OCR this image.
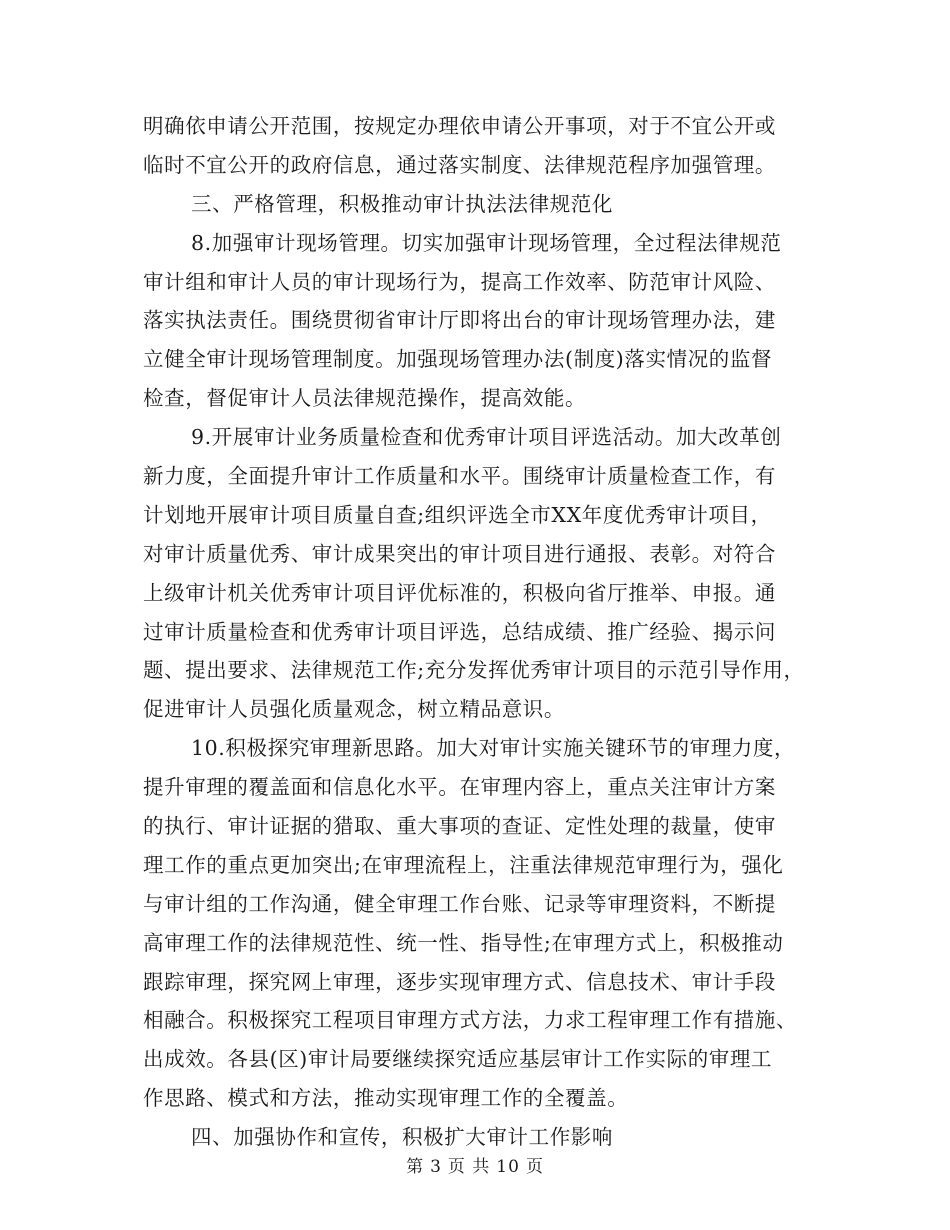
明确依申请公开范围，按规定办理依申请公开事项，对于不宜公开或
临时不宜公开的政府信息，通过落实制度、法律规范程序加强管理。
三、严格管理，积极推动审计执法法律规范化
8.加强审计现场管理。切实加强审计现场管理，全过程法律规范
审计组和审计人员的审计现场行为，提高工作效率、防范审计风险、
落实执法责任。围绕贯彻省审计厅即将出台的审计现场管理办法，建
立健全审计现场管理制度。加强现场管理办法(制度)落实情况的监督
检查，督促审计人员法律规范操作，提高效能。
9.开展审计业务质量检查和优秀审计项目评选活动。加大改革创
新力度，全面提升审计工作质量和水平。围绕审计质量检查工作，有
计划地开展审计项目质量自查;组织评选全市XX年度优秀审计项目，
对审计质量优秀、审计成果突出的审计项目进行通报、表彰。对符合
上级审计机关优秀审计项目评优标准的，积极向省厅推举、申报。通
过审计质量检查和优秀审计项目评选，总结成绩、推广经验、揭示问
题、提出要求、法律规范工作;充分发挥优秀审计项目的示范引导作用，
促进审计人员强化质量观念，树立精品意识。
10.积极探究审理新思路。加大对审计实施关键环节的审理力度，
提升审理的覆盖面和信息化水平。在审理内容上，重点关注审计方案
的执行、审计证据的猎取、重大事项的查证、定性处理的裁量，使审
理工作的重点更加突出;在审理流程上，注重法律规范审理行为，强化
与审计组的工作沟通，健全审理工作台账、记录等审理资料，不断提
高审理工作的法律规范性、统一性、指导性;在审理方式上，积极推动
跟踪审理，探究网上审理，逐步实现审理方式、信息技术、审计手段
相融合。积极探究工程项目审理方式方法，力求工程审理工作有措施、
出成效。各县(区)审计局要继续探究适应基层审计工作实际的审理工
作思路、模式和方法，推动实现审理工作的全覆盖。
四、加强协作和宣传，积极扩大审计工作影响
第 3 页 共 10 页
